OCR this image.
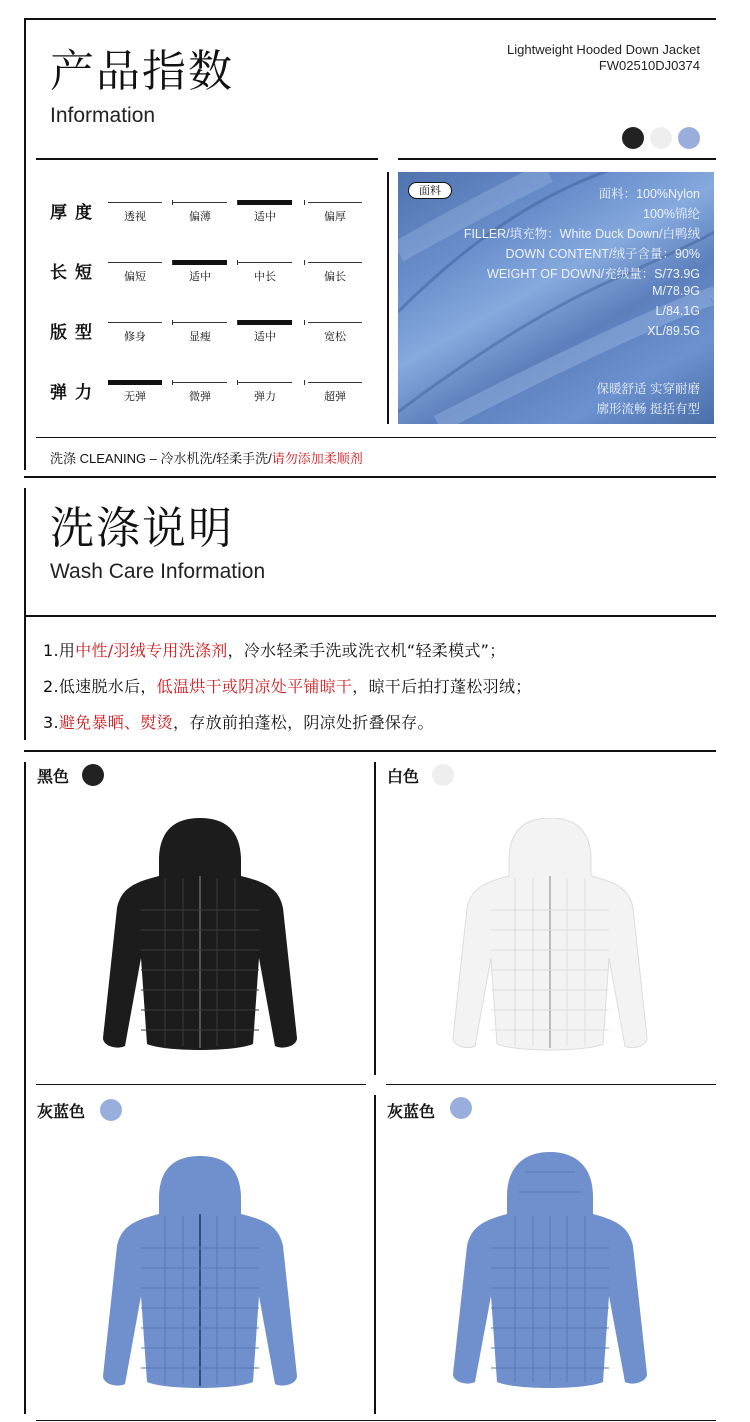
产品指数
Information
Lightweight Hooded Down Jacket
FW02510DJ0374
厚度	透视	偏薄	适中	偏厚
长短	偏短	适中	中长	偏长
版型	修身	显瘦	适中	宽松
弹力	无弹	微弹	弹力	超弹
面料	面料：100%Nylon
100%锦纶
FILLER/填充物：White Duck Down/白鸭绒
DOWN CONTENT/绒子含量：90%
WEIGHT OF DOWN/充绒量：S/73.9G
M/78.9G
L/84.1G
XL/89.5G
保暖舒适 实穿耐磨
廓形流畅 挺括有型
洗涤 CLEANING – 冷水机洗/轻柔手洗/请勿添加柔顺剂
洗涤说明
Wash Care Information
1.用中性/羽绒专用洗涤剂，冷水轻柔手洗或洗衣机“轻柔模式”；
2.低速脱水后，低温烘干或阴凉处平铺晾干，晾干后拍打蓬松羽绒；
3.避免暴晒、熨烫，存放前拍蓬松，阴凉处折叠保存。
黑色	白色
灰蓝色	灰蓝色
